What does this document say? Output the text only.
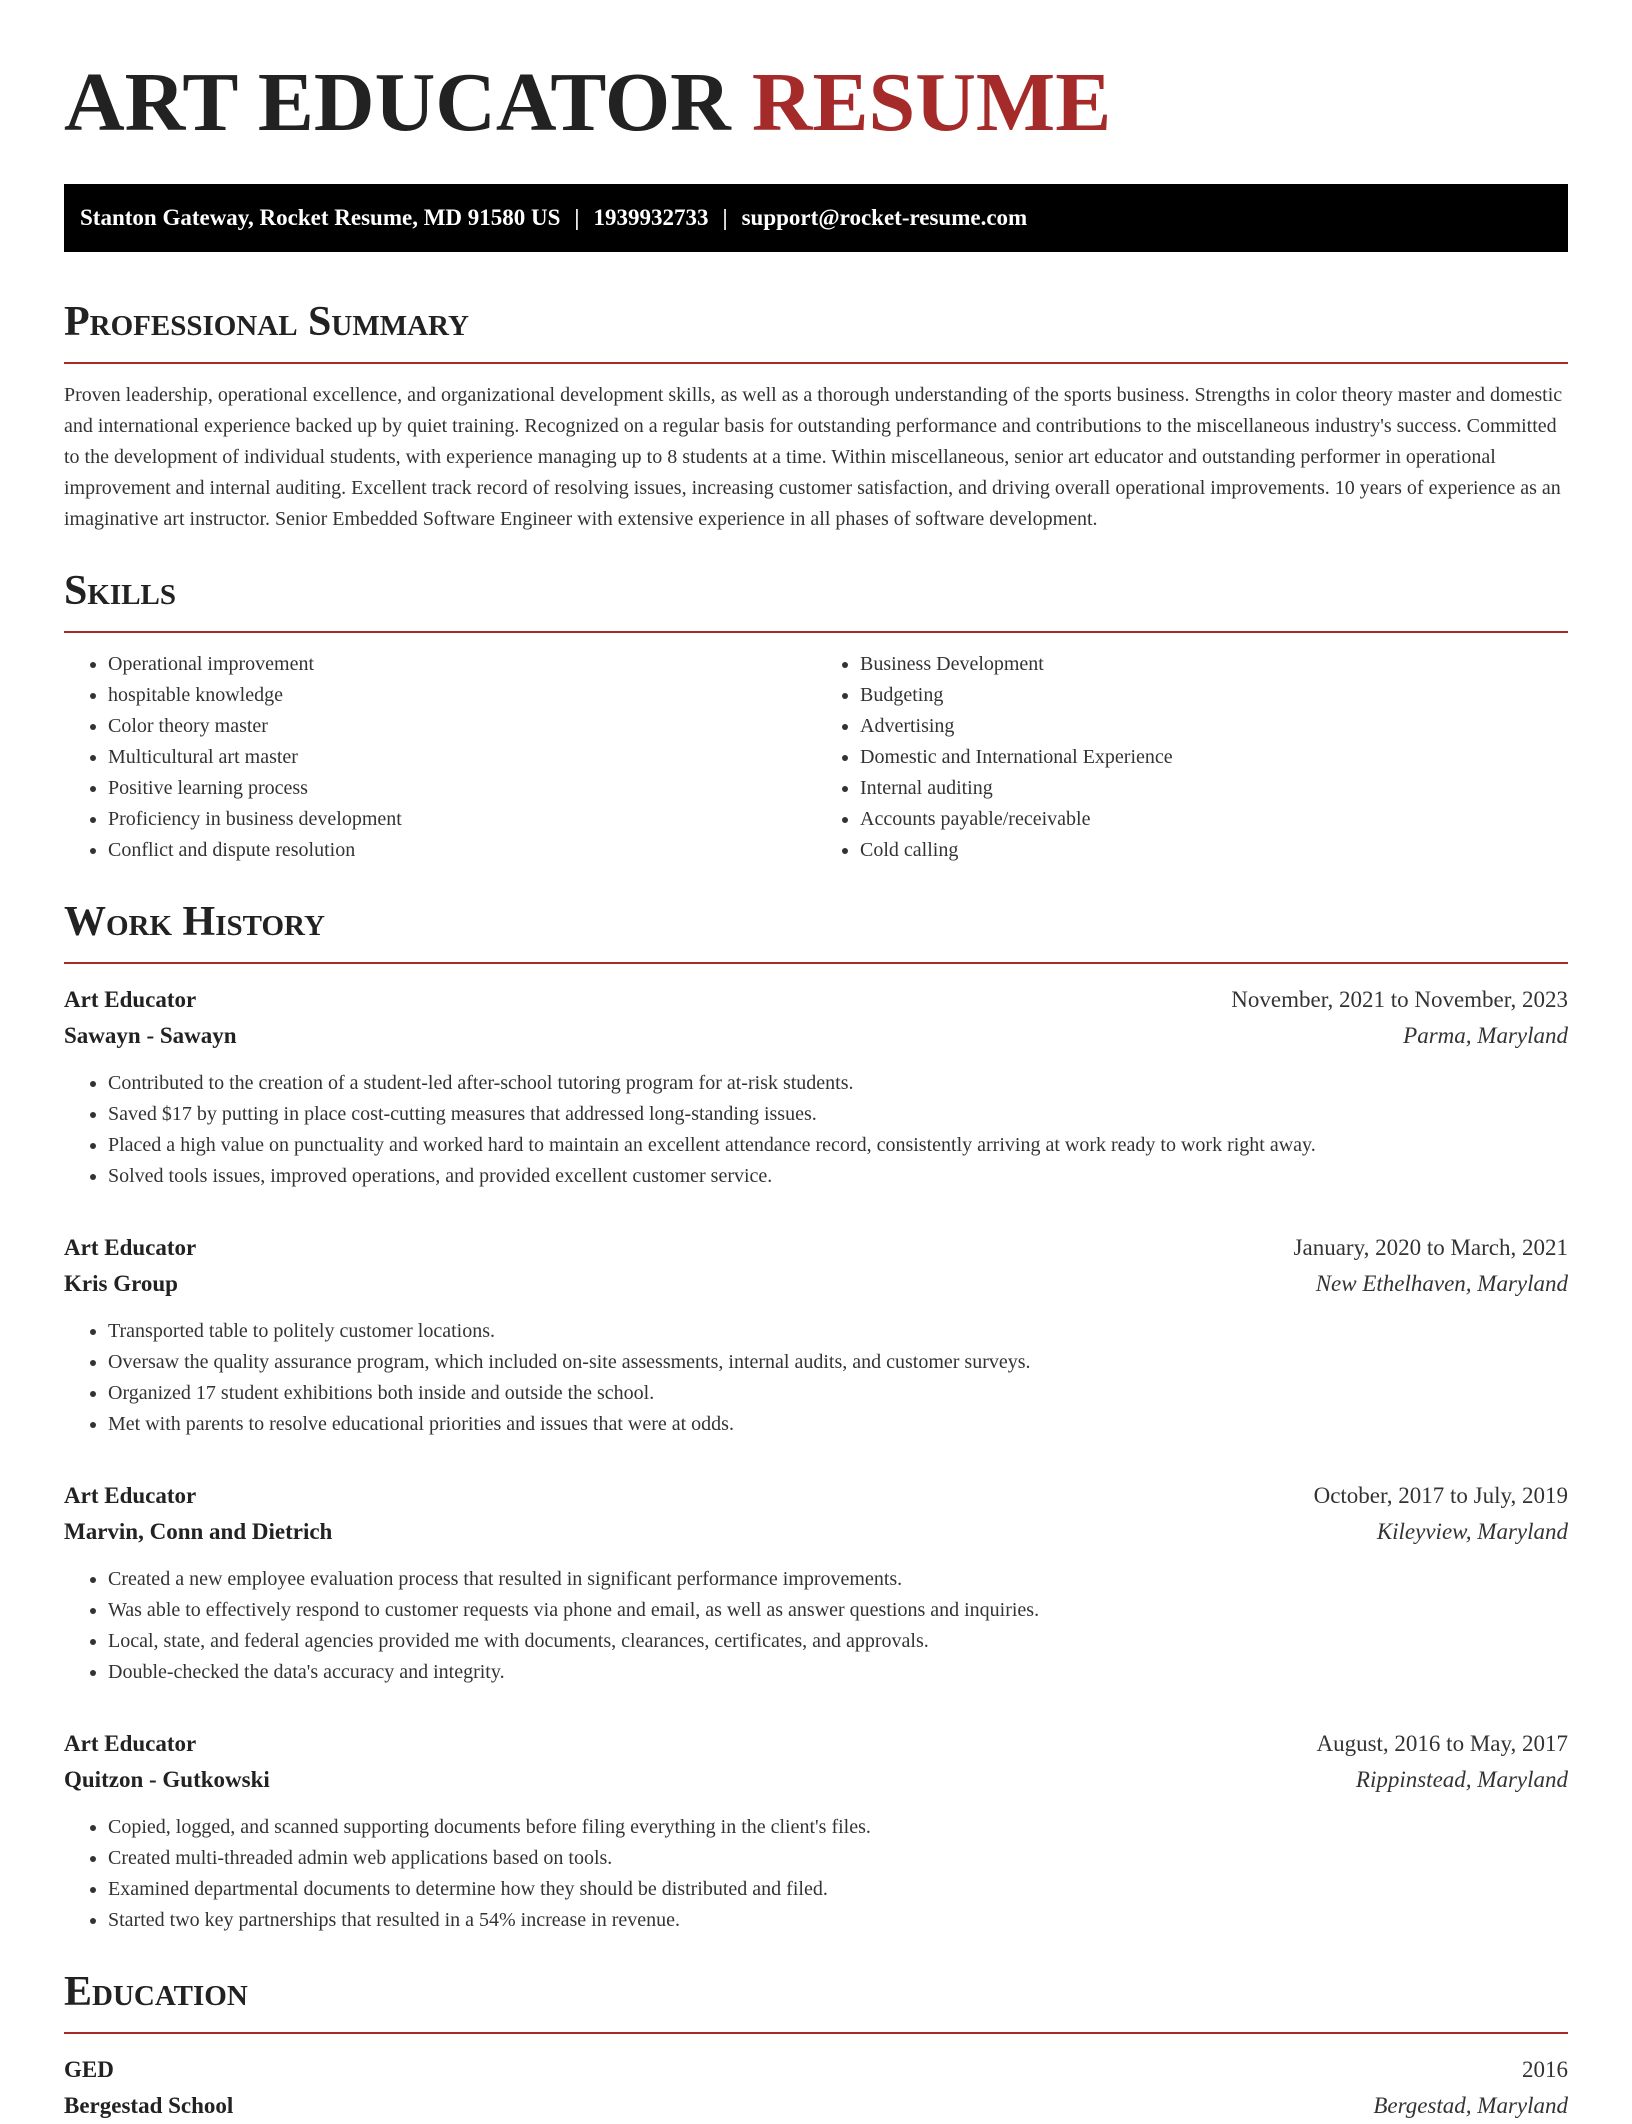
ART EDUCATOR RESUME
Stanton Gateway, Rocket Resume, MD 91580 US | 1939932733 | support@rocket-resume.com
Professional Summary

Proven leadership, operational excellence, and organizational development skills, as well as a thorough understanding of the sports business. Strengths in color theory master and domestic and international experience backed up by quiet training. Recognized on a regular basis for outstanding performance and contributions to the miscellaneous industry's success. Committed to the development of individual students, with experience managing up to 8 students at a time. Within miscellaneous, senior art educator and outstanding performer in operational improvement and internal auditing. Excellent track record of resolving issues, increasing customer satisfaction, and driving overall operational improvements. 10 years of experience as an imaginative art instructor. Senior Embedded Software Engineer with extensive experience in all phases of software development.

Skills
• Operational improvement
• hospitable knowledge
• Color theory master
• Multicultural art master
• Positive learning process
• Proficiency in business development
• Conflict and dispute resolution
• Business Development
• Budgeting
• Advertising
• Domestic and International Experience
• Internal auditing
• Accounts payable/receivable
• Cold calling
Work History
Art Educator	November, 2021 to November, 2023
Sawayn - Sawayn	Parma, Maryland
• Contributed to the creation of a student-led after-school tutoring program for at-risk students.
• Saved $17 by putting in place cost-cutting measures that addressed long-standing issues.
• Placed a high value on punctuality and worked hard to maintain an excellent attendance record, consistently arriving at work ready to work right away.
• Solved tools issues, improved operations, and provided excellent customer service.
Art Educator	January, 2020 to March, 2021
Kris Group	New Ethelhaven, Maryland
• Transported table to politely customer locations.
• Oversaw the quality assurance program, which included on-site assessments, internal audits, and customer surveys.
• Organized 17 student exhibitions both inside and outside the school.
• Met with parents to resolve educational priorities and issues that were at odds.
Art Educator	October, 2017 to July, 2019
Marvin, Conn and Dietrich	Kileyview, Maryland
• Created a new employee evaluation process that resulted in significant performance improvements.
• Was able to effectively respond to customer requests via phone and email, as well as answer questions and inquiries.
• Local, state, and federal agencies provided me with documents, clearances, certificates, and approvals.
• Double-checked the data's accuracy and integrity.
Art Educator	August, 2016 to May, 2017
Quitzon - Gutkowski	Rippinstead, Maryland
• Copied, logged, and scanned supporting documents before filing everything in the client's files.
• Created multi-threaded admin web applications based on tools.
• Examined departmental documents to determine how they should be distributed and filed.
• Started two key partnerships that resulted in a 54% increase in revenue.
Education
GED	2016
Bergestad School	Bergestad, Maryland
